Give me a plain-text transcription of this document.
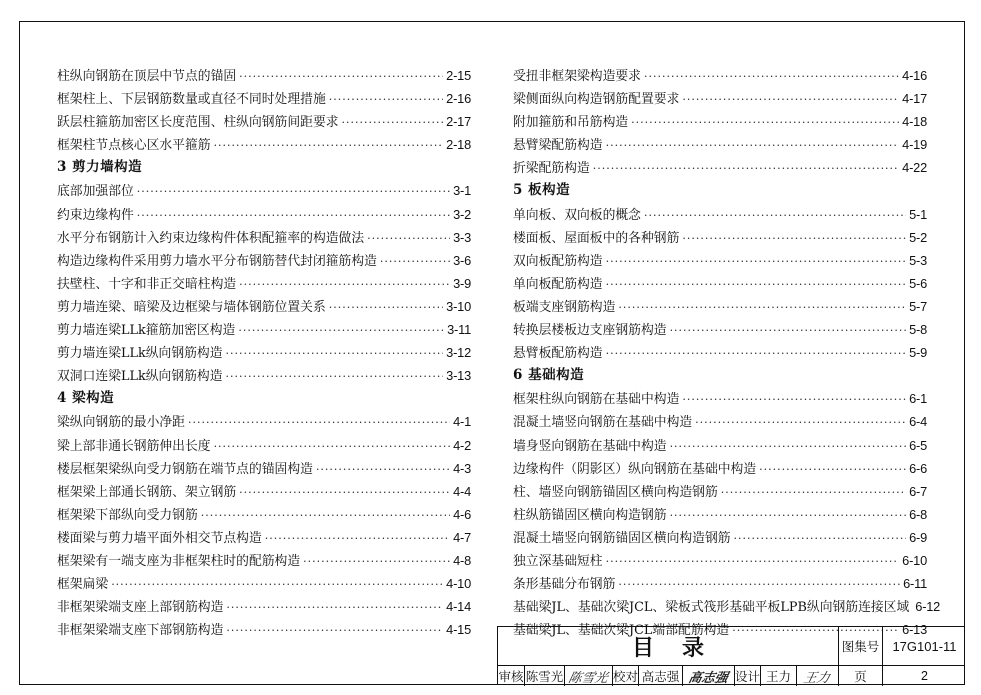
柱纵向钢筋在顶层中节点的锚固 ·····	2-15
框架柱上、下层钢筋数量或直径不同时处理措施 ·····	2-16
跃层柱箍筋加密区长度范围、柱纵向钢筋间距要求 ·····	2-17
框架柱节点核心区水平箍筋 ·····	2-18
3 剪力墙构造
底部加强部位 ·····	3-1
约束边缘构件 ·····	3-2
水平分布钢筋计入约束边缘构件体积配箍率的构造做法 ·····	3-3
构造边缘构件采用剪力墙水平分布钢筋替代封闭箍筋构造 ·····	3-6
扶壁柱、十字和非正交暗柱构造 ·····	3-9
剪力墙连梁、暗梁及边框梁与墙体钢筋位置关系 ·····	3-10
剪力墙连梁LLk箍筋加密区构造 ·····	3-11
剪力墙连梁LLk纵向钢筋构造 ·····	3-12
双洞口连梁LLk纵向钢筋构造 ·····	3-13
4 梁构造
梁纵向钢筋的最小净距 ·····	4-1
梁上部非通长钢筋伸出长度 ·····	4-2
楼层框架梁纵向受力钢筋在端节点的锚固构造 ·····	4-3
框架梁上部通长钢筋、架立钢筋 ·····	4-4
框架梁下部纵向受力钢筋 ·····	4-6
楼面梁与剪力墙平面外相交节点构造 ·····	4-7
框架梁有一端支座为非框架柱时的配筋构造 ·····	4-8
框架扁梁 ·····	4-10
非框架梁端支座上部钢筋构造 ·····	4-14
非框架梁端支座下部钢筋构造 ·····	4-15
受扭非框架梁构造要求 ·····	4-16
梁侧面纵向构造钢筋配置要求 ·····	4-17
附加箍筋和吊筋构造 ·····	4-18
悬臂梁配筋构造 ·····	4-19
折梁配筋构造 ·····	4-22
5 板构造
单向板、双向板的概念 ·····	5-1
楼面板、屋面板中的各种钢筋 ·····	5-2
双向板配筋构造 ·····	5-3
单向板配筋构造 ·····	5-6
板端支座钢筋构造 ·····	5-7
转换层楼板边支座钢筋构造 ·····	5-8
悬臂板配筋构造 ·····	5-9
6 基础构造
框架柱纵向钢筋在基础中构造 ·····	6-1
混凝土墙竖向钢筋在基础中构造 ·····	6-4
墙身竖向钢筋在基础中构造 ·····	6-5
边缘构件（阴影区）纵向钢筋在基础中构造 ·····	6-6
柱、墙竖向钢筋锚固区横向构造钢筋 ·····	6-7
柱纵筋锚固区横向构造钢筋 ·····	6-8
混凝土墙竖向钢筋锚固区横向构造钢筋 ·····	6-9
独立深基础短柱 ·····	6-10
条形基础分布钢筋 ·····	6-11
基础梁JL、基础次梁JCL、梁板式筏形基础平板LPB纵向钢筋连接区域 6-12
基础梁JL、基础次梁JCL端部配筋构造 ·····	6-13
目录	图集号	17G101-11
审核 陈雪光 陈雪光 校对 高志强 高志强 设计 王力 王力	页	2
